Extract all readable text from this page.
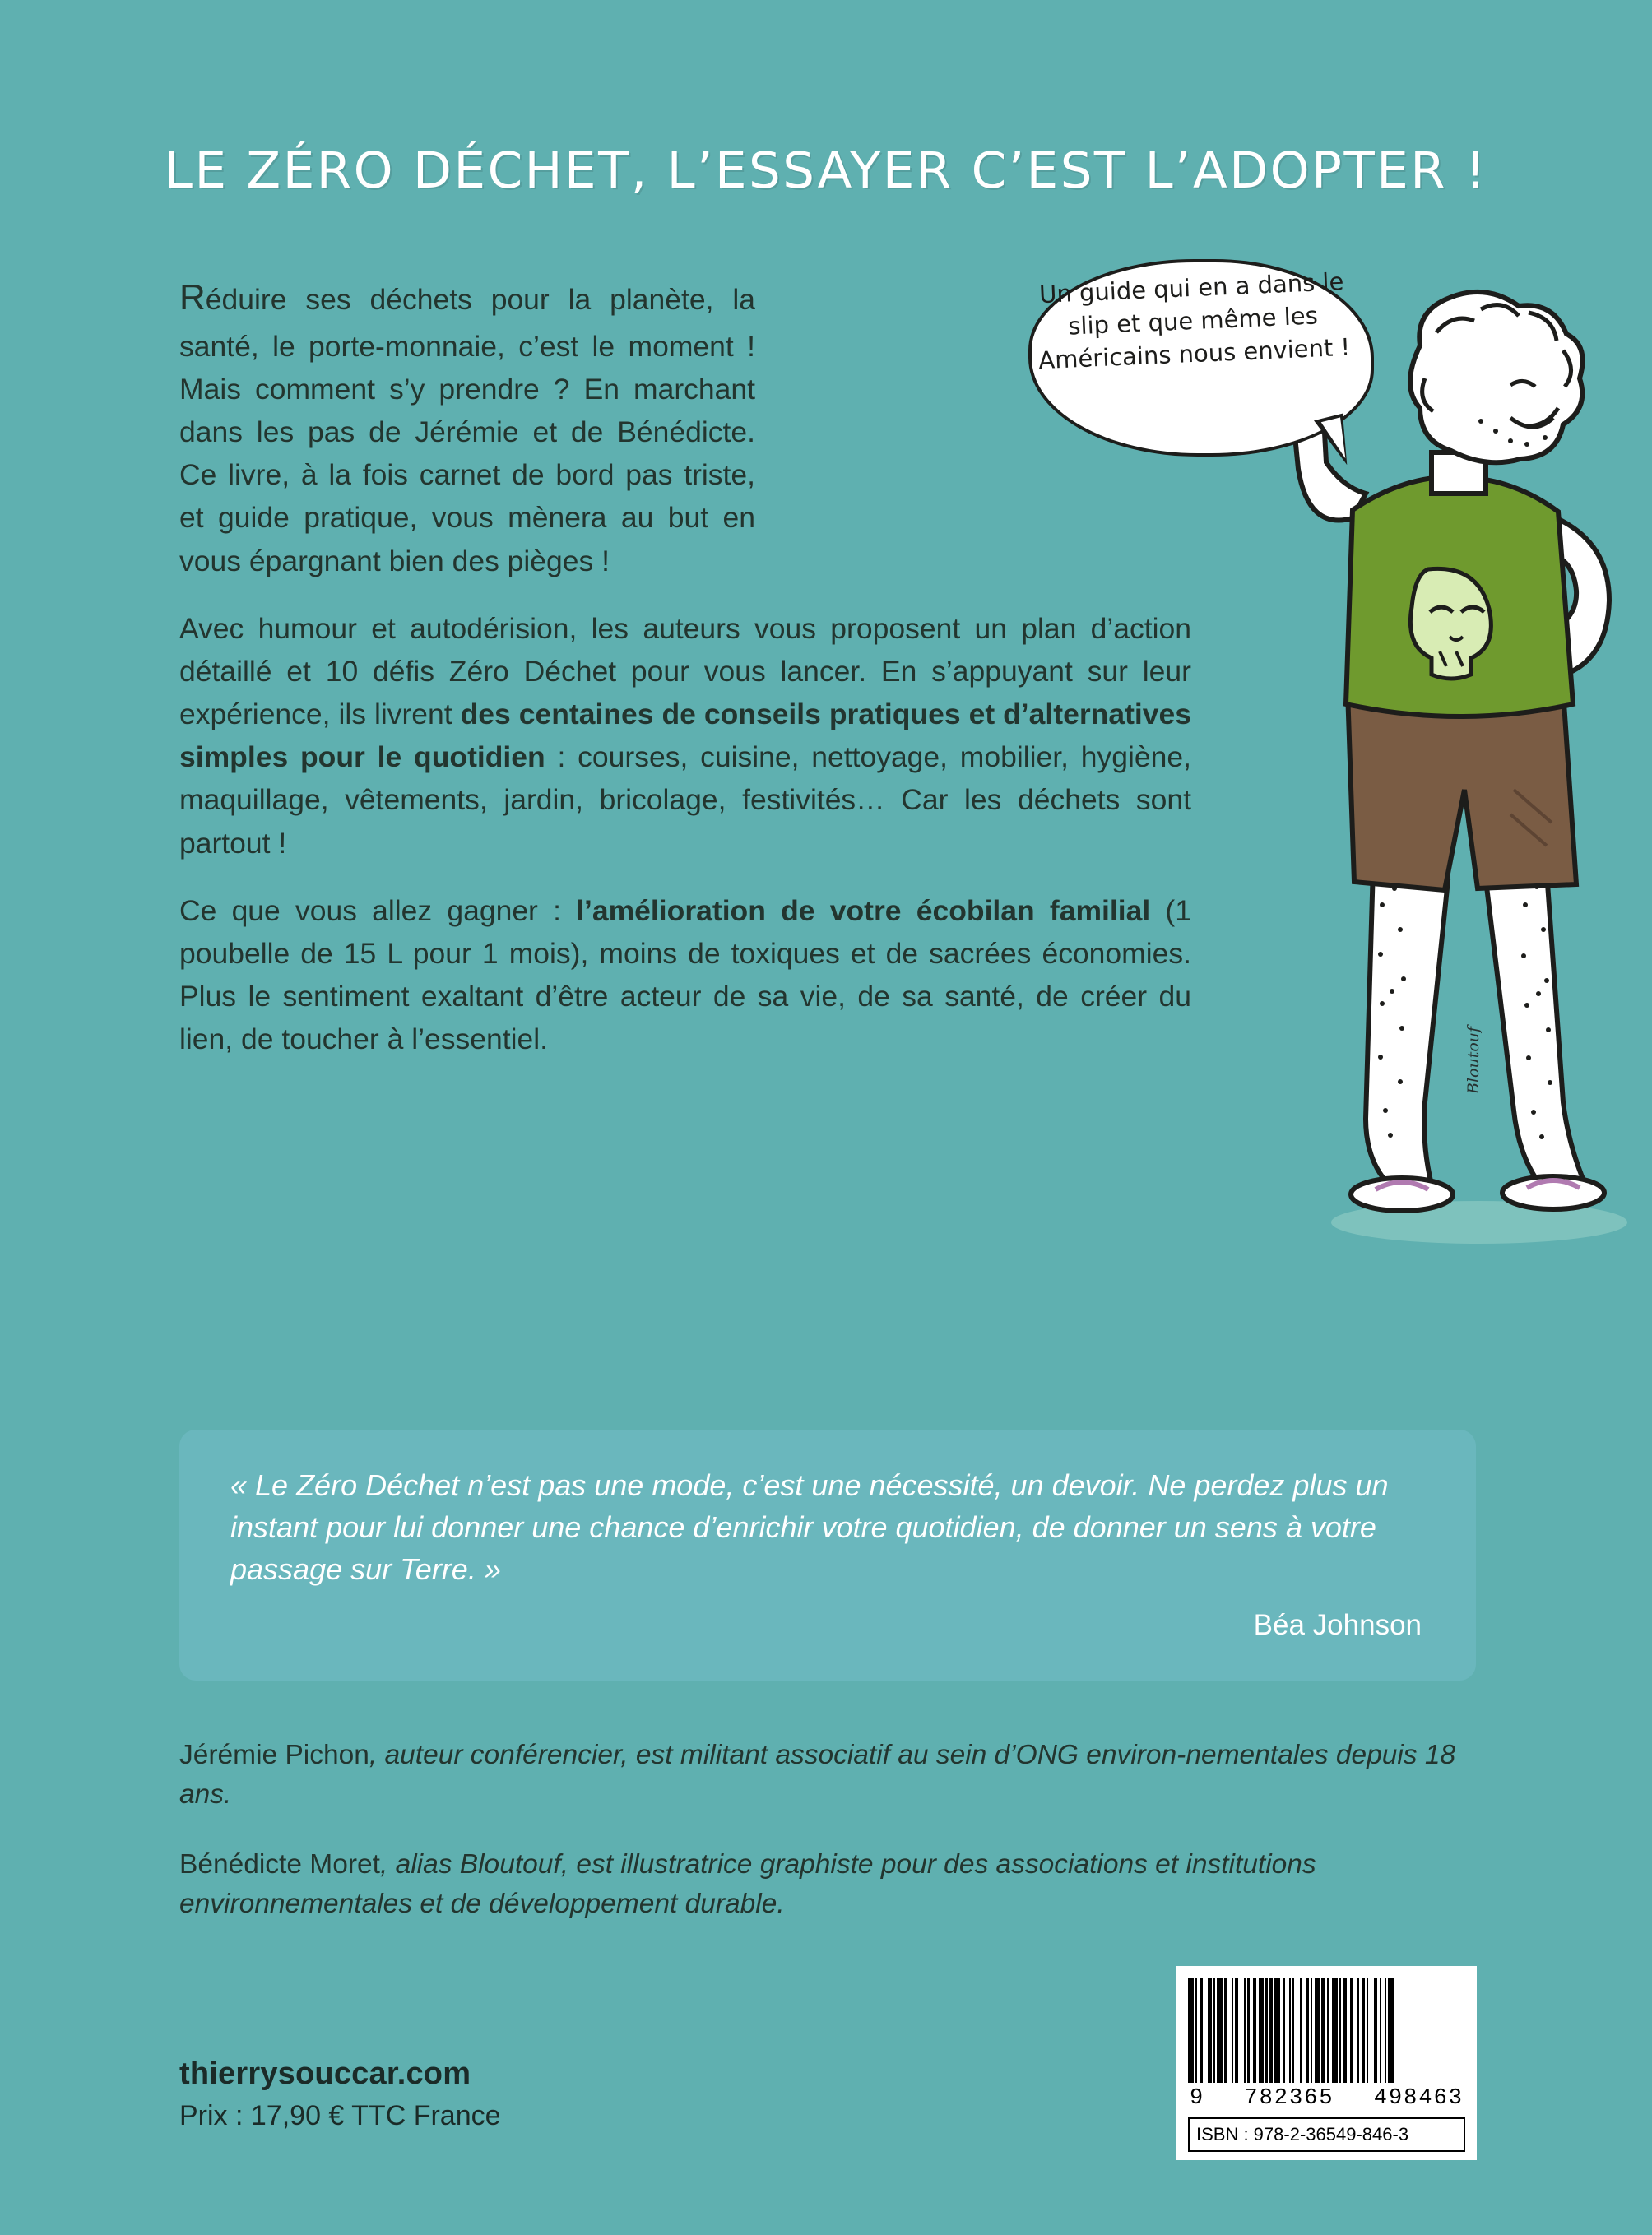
LE ZÉRO DÉCHET, L’ESSAYER C’EST L’ADOPTER !

Réduire ses déchets pour la planète, la santé, le porte-monnaie, c’est le moment ! Mais comment s’y prendre ? En marchant dans les pas de Jérémie et de Bénédicte. Ce livre, à la fois carnet de bord pas triste, et guide pratique, vous mènera au but en vous épargnant bien des pièges !

Avec humour et autodérision, les auteurs vous proposent un plan d’action détaillé et 10 défis Zéro Déchet pour vous lancer. En s’appuyant sur leur expérience, ils livrent des centaines de conseils pratiques et d’alternatives simples pour le quotidien : courses, cuisine, nettoyage, mobilier, hygiène, maquillage, vêtements, jardin, bricolage, festivités… Car les déchets sont partout !

Ce que vous allez gagner : l’amélioration de votre écobilan familial (1 poubelle de 15 L pour 1 mois), moins de toxiques et de sacrées économies. Plus le sentiment exaltant d’être acteur de sa vie, de sa santé, de créer du lien, de toucher à l’essentiel.

Un guide qui en a dans le slip et que même les Américains nous envient !
Bloutouf
« Le Zéro Déchet n’est pas une mode, c’est une nécessité, un devoir. Ne perdez plus un instant pour lui donner une chance d’enrichir votre quotidien, de donner un sens à votre passage sur Terre. »
Béa Johnson

Jérémie Pichon, auteur conférencier, est militant associatif au sein d’ONG environ-nementales depuis 18 ans.

Bénédicte Moret, alias Bloutouf, est illustratrice graphiste pour des associations et institutions environnementales et de développement durable.

thierrysouccar.com
Prix : 17,90 € TTC France
9 782365 498463
ISBN : 978-2-36549-846-3
